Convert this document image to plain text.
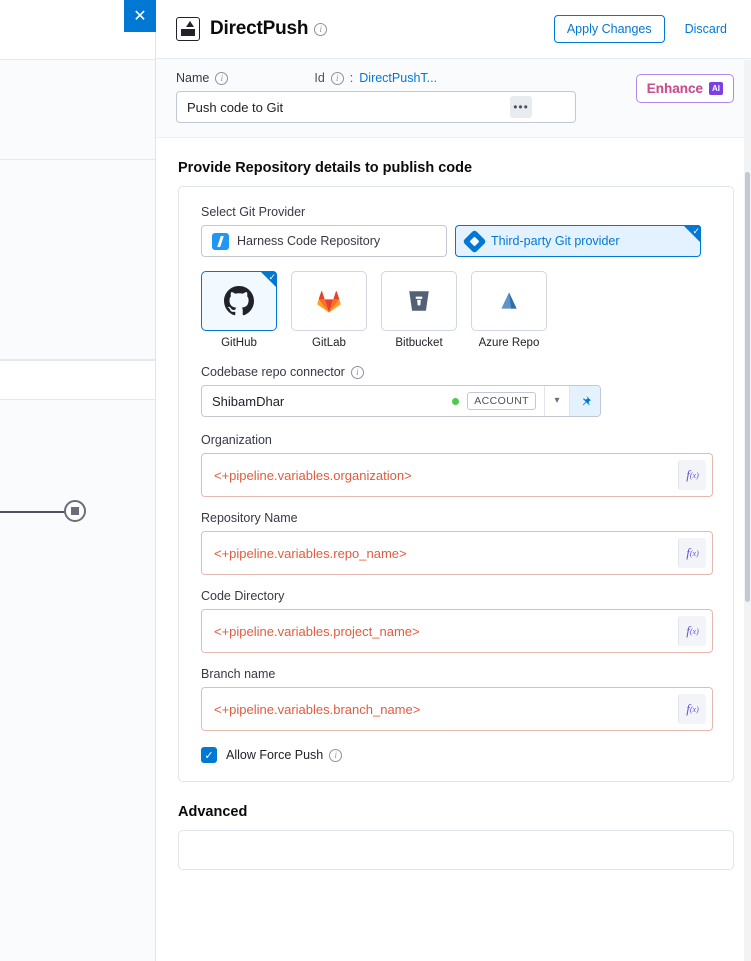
✕
DirectPush	i	Apply Changes	Discard
Name	i	Id	i : DirectPushT...
Push code to Git
•••
Enhance	AI
Provide Repository details to publish code
Select Git Provider
Harness Code Repository	Third-party Git provider
✓
✓
GitHub	GitLab	Bitbucket	Azure Repo
Codebase repo connector	i
ShibamDhar	ACCOUNT	▾
Organization
<+pipeline.variables.organization>
f (x)
Repository Name
<+pipeline.variables.repo_name>
f (x)
Code Directory
<+pipeline.variables.project_name>
f (x)
Branch name
<+pipeline.variables.branch_name>
f (x)
✓ Allow Force Push	i
Advanced
